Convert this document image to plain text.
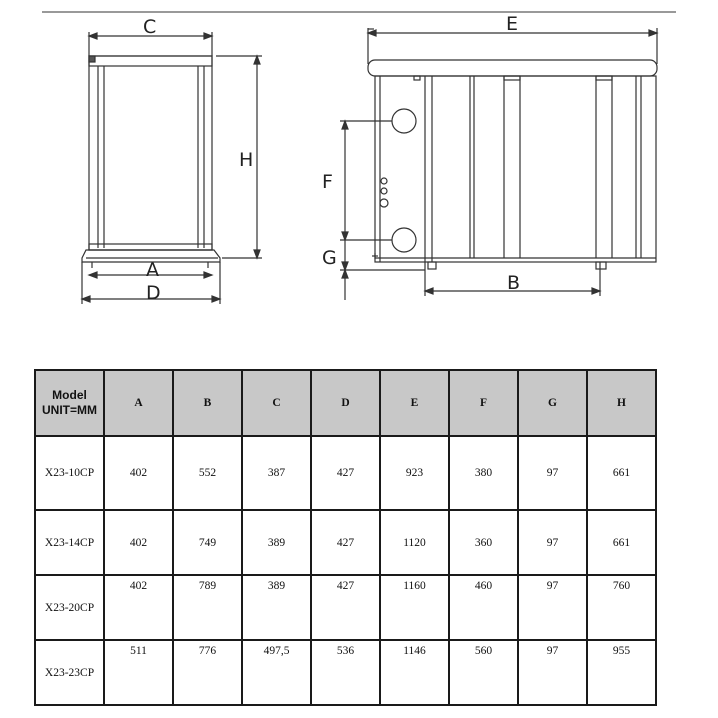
C
H
A
D
E
F
G
B
Model
UNIT=MM	A	B	C	D	E	F	G	H
X23-10CP	402	552	387	427	923	380	97	661
X23-14CP	402	749	389	427	1120	360	97	661
X23-20CP	402	789	389	427	1160	460	97	760
X23-23CP	511	776	497,5	536	1146	560	97	955
